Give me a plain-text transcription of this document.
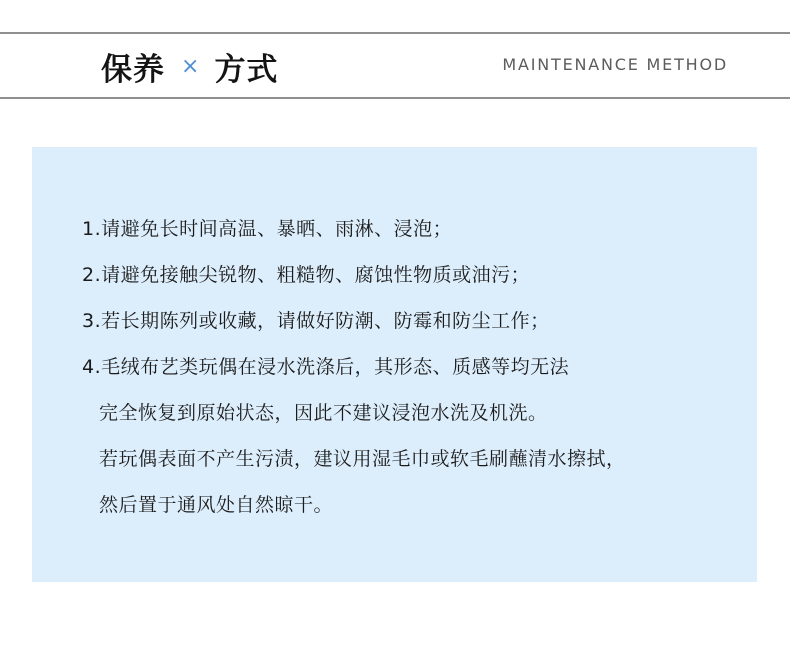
保养 × 方式	MAINTENANCE METHOD
1.请避免长时间高温、暴晒、雨淋、浸泡；
2.请避免接触尖锐物、粗糙物、腐蚀性物质或油污；
3.若长期陈列或收藏，请做好防潮、防霉和防尘工作；
4.毛绒布艺类玩偶在浸水洗涤后，其形态、质感等均无法
完全恢复到原始状态，因此不建议浸泡水洗及机洗。
若玩偶表面不产生污渍，建议用湿毛巾或软毛刷蘸清水擦拭，
然后置于通风处自然晾干。
